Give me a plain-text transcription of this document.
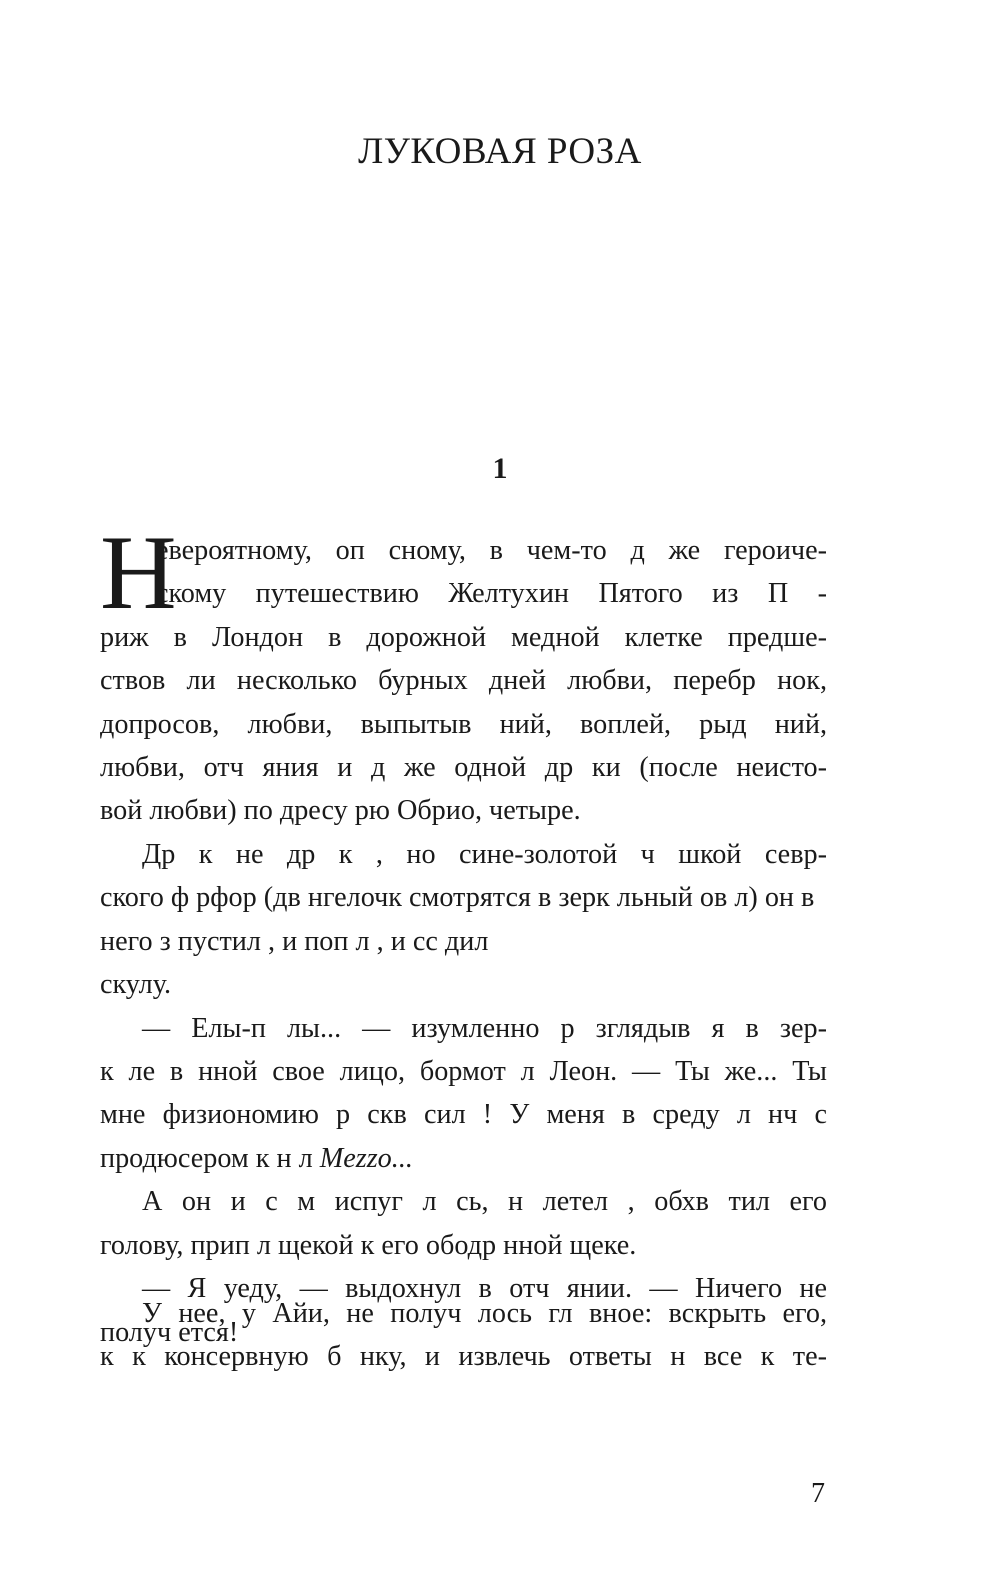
ЛУКОВАЯ РОЗА
1
Н
евероятному, оп сному, в чем-то д же героиче-
скому путешествию Желтухин Пятого из П -
риж в Лондон в дорожной медной клетке предше-
ствов ли несколько бурных дней любви, перебр нок,
допросов, любви, выпытыв ний, воплей, рыд ний,
любви, отч яния и д же одной др ки (после неисто-
вой любви) по дресу рю Обрио, четыре.
Др к не др к , но сине-золотой ч шкой севр-
ского ф рфор (дв нгелочк смотрятся в зерк льный ов л) он в него з пустил , и поп л , и сс дил
скулу.
— Елы-п лы... — изумленно р зглядыв я в зер-
к ле в нной свое лицо, бормот л Леон. — Ты же... Ты
мне физиономию р скв сил ! У меня в среду л нч с
продюсером к н л Mezzo...
А он и с м испуг л сь, н летел , обхв тил его
голову, прип л щекой к его ободр нной щеке.
— Я уеду, — выдохнул в отч янии. — Ничего не
получ ется!
У нее, у Айи, не получ лось гл вное: вскрыть его,
к к консервную б нку, и извлечь ответы н все к те-
7
